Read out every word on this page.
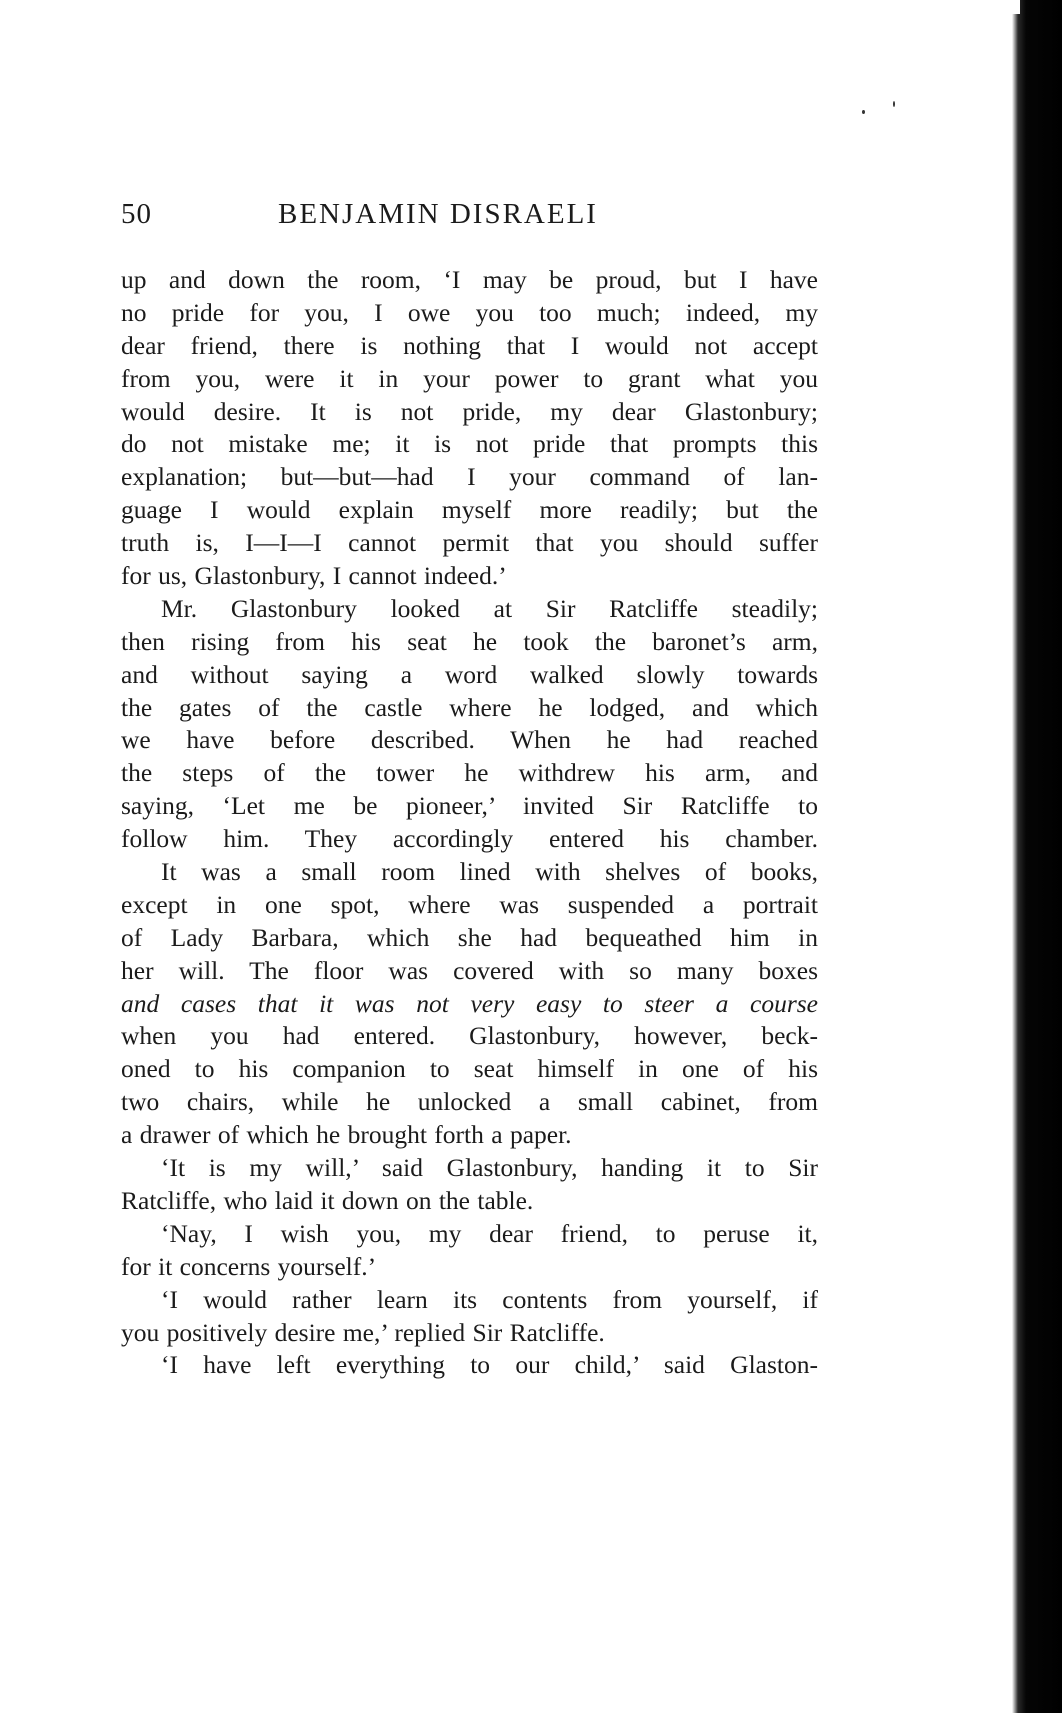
50	BENJAMIN DISRAELI
up and down the room, ‘I may be proud, but I have
no pride for you, I owe you too much; indeed, my
dear friend, there is nothing that I would not accept
from you, were it in your power to grant what you
would desire. It is not pride, my dear Glastonbury;
do not mistake me; it is not pride that prompts this
explanation; but—but—had I your command of lan-
guage I would explain myself more readily; but the
truth is, I—I—I cannot permit that you should suffer
for us, Glastonbury, I cannot indeed.’
Mr. Glastonbury looked at Sir Ratcliffe steadily;
then rising from his seat he took the baronet’s arm,
and without saying a word walked slowly towards
the gates of the castle where he lodged, and which
we have before described. When he had reached
the steps of the tower he withdrew his arm, and
saying, ‘Let me be pioneer,’ invited Sir Ratcliffe to
follow him. They accordingly entered his chamber.
It was a small room lined with shelves of books,
except in one spot, where was suspended a portrait
of Lady Barbara, which she had bequeathed him in
her will. The floor was covered with so many boxes
and cases that it was not very easy to steer a course
when you had entered. Glastonbury, however, beck-
oned to his companion to seat himself in one of his
two chairs, while he unlocked a small cabinet, from
a drawer of which he brought forth a paper.
‘It is my will,’ said Glastonbury, handing it to Sir
Ratcliffe, who laid it down on the table.
‘Nay, I wish you, my dear friend, to peruse it,
for it concerns yourself.’
‘I would rather learn its contents from yourself, if
you positively desire me,’ replied Sir Ratcliffe.
‘I have left everything to our child,’ said Glaston-
